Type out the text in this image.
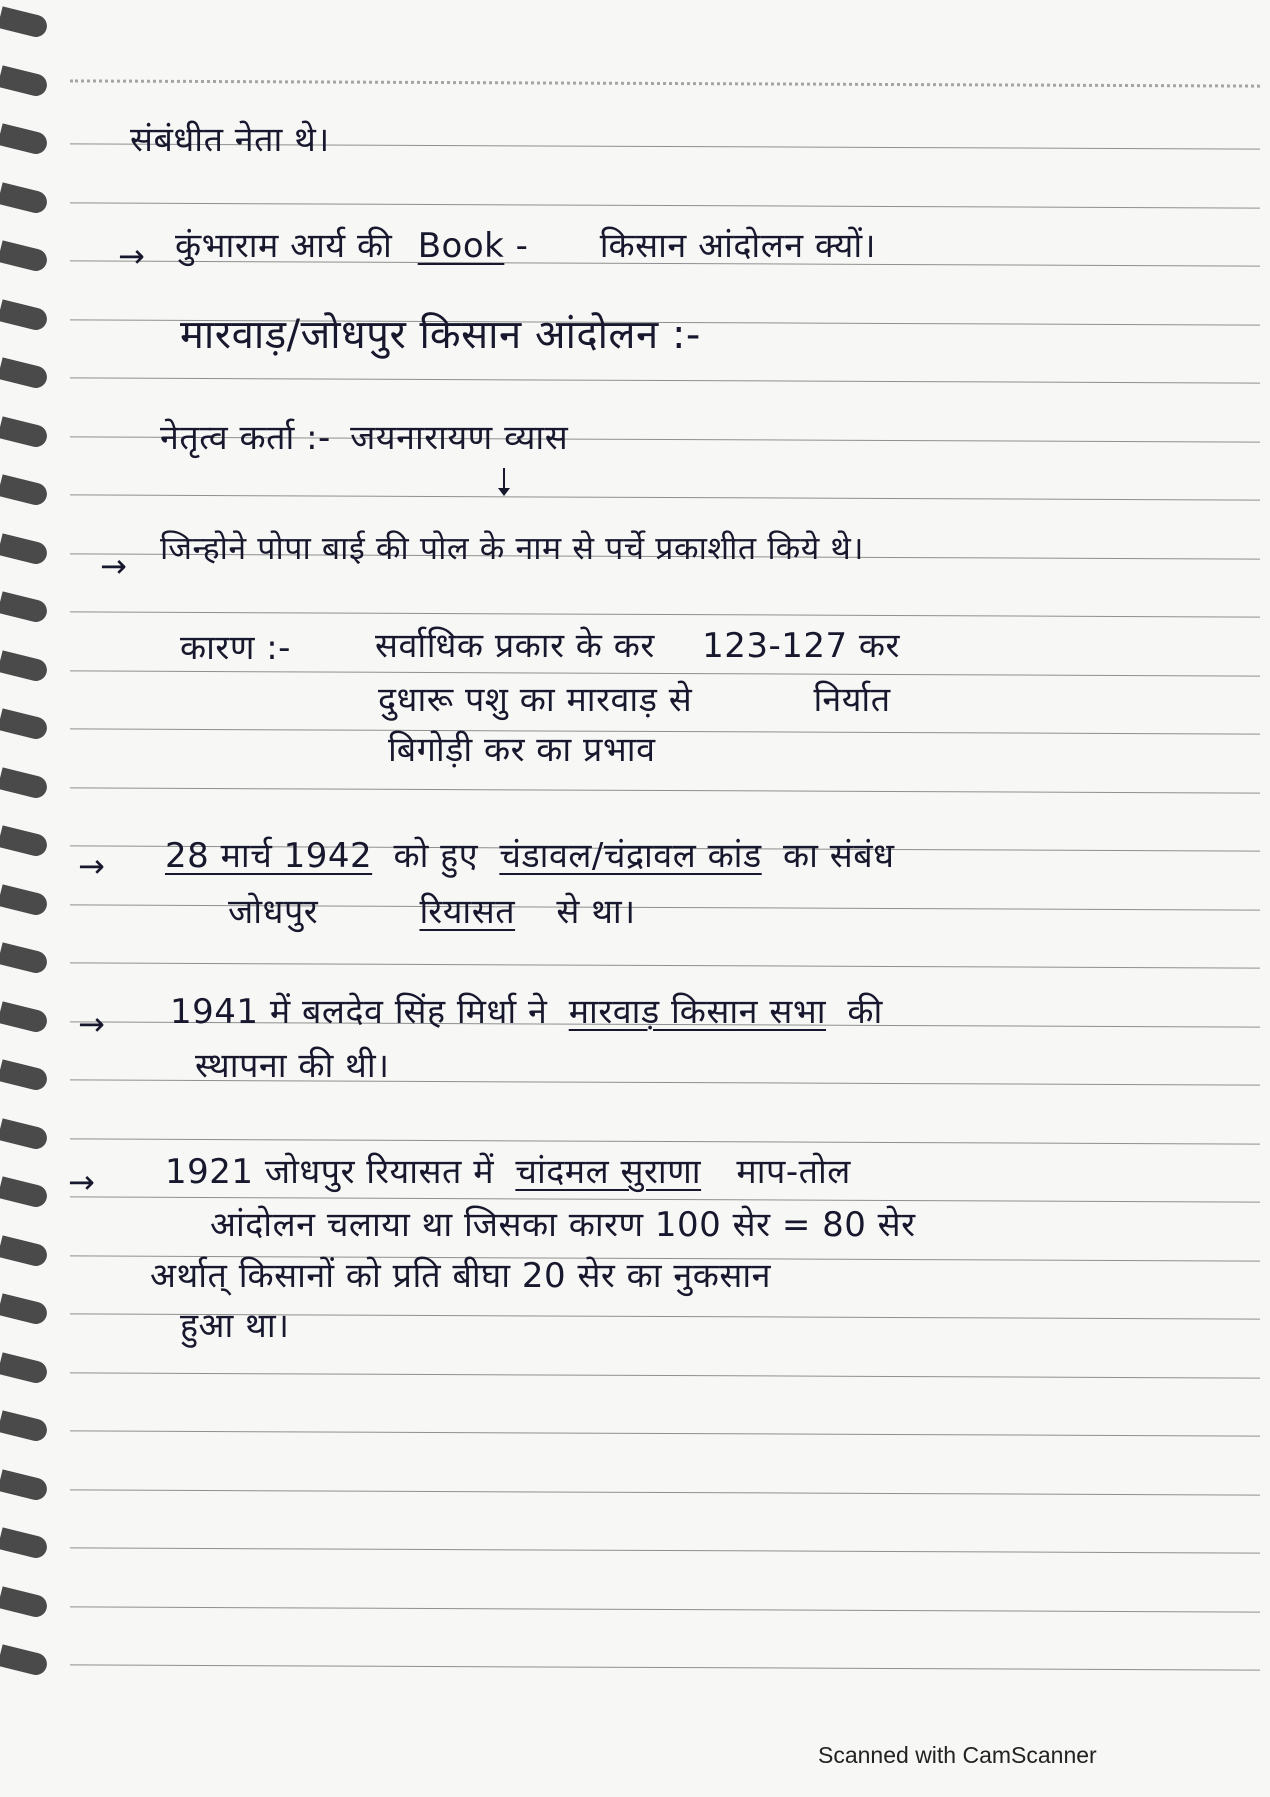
संबंधीत नेता थे।
→ कुंभाराम आर्य की Book - किसान आंदोलन क्यों।
मारवाड़/जोधपुर किसान आंदोलन :-
नेतृत्व कर्ता :- जयनारायण व्यास
→ जिन्होने पोपा बाई की पोल के नाम से पर्चे प्रकाशीत किये थे।
कारण :- सर्वाधिक प्रकार के कर 123-127 कर
दुधारू पशु का मारवाड़ से	निर्यात
बिगोड़ी कर का प्रभाव
→ 28 मार्च 1942 को हुए चंडावल/चंद्रावल कांड का संबंध
जोधपुर	रियासत से था।
→ 1941 में बलदेव सिंह मिर्धा ने मारवाड़ किसान सभा की
स्थापना की थी।
→ 1921 जोधपुर रियासत में चांदमल सुराणा माप-तोल
आंदोलन चलाया था जिसका कारण 100 सेर = 80 सेर
अर्थात् किसानों को प्रति बीघा 20 सेर का नुकसान
हुआ था।
Scanned with CamScanner
